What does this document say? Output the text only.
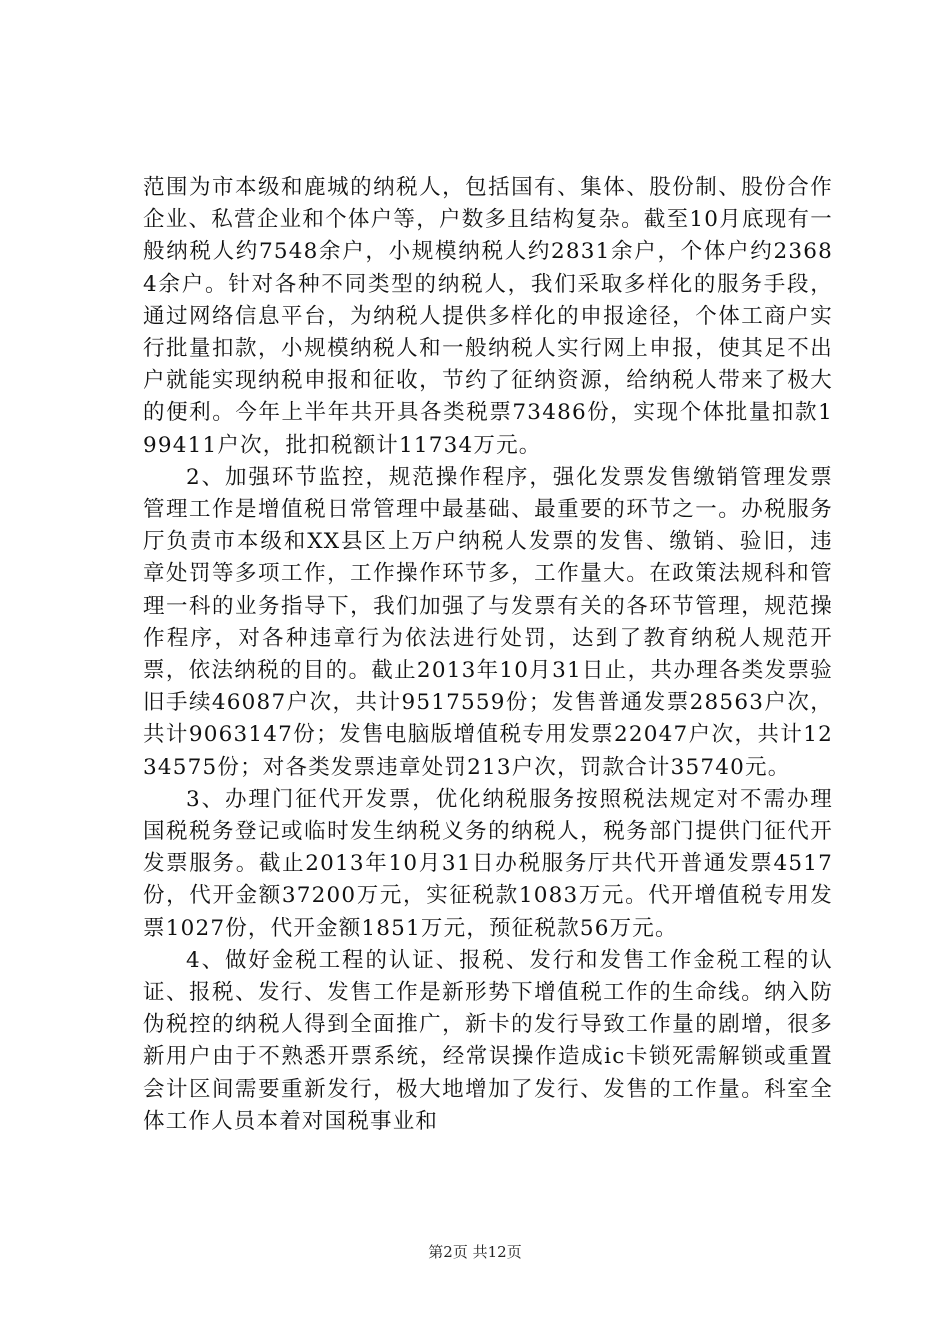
范围为市本级和鹿城的纳税人，包括国有、集体、股份制、股份合作企业、私营企业和个体户等，户数多且结构复杂。截至10月底现有一般纳税人约7548余户，小规模纳税人约2831余户，个体户约23684余户。针对各种不同类型的纳税人，我们采取多样化的服务手段，通过网络信息平台，为纳税人提供多样化的申报途径，个体工商户实行批量扣款，小规模纳税人和一般纳税人实行网上申报，使其足不出户就能实现纳税申报和征收，节约了征纳资源，给纳税人带来了极大的便利。今年上半年共开具各类税票73486份，实现个体批量扣款199411户次，批扣税额计11734万元。

2、加强环节监控，规范操作程序，强化发票发售缴销管理发票管理工作是增值税日常管理中最基础、最重要的环节之一。办税服务厅负责市本级和XX县区上万户纳税人发票的发售、缴销、验旧，违章处罚等多项工作，工作操作环节多，工作量大。在政策法规科和管理一科的业务指导下，我们加强了与发票有关的各环节管理，规范操作程序，对各种违章行为依法进行处罚，达到了教育纳税人规范开票，依法纳税的目的。截止2013年10月31日止，共办理各类发票验旧手续46087户次，共计9517559份；发售普通发票28563户次，共计9063147份；发售电脑版增值税专用发票22047户次，共计1234575份；对各类发票违章处罚213户次，罚款合计35740元。

3、办理门征代开发票，优化纳税服务按照税法规定对不需办理国税税务登记或临时发生纳税义务的纳税人，税务部门提供门征代开发票服务。截止2013年10月31日办税服务厅共代开普通发票4517份，代开金额37200万元，实征税款1083万元。代开增值税专用发票1027份，代开金额1851万元，预征税款56万元。

4、做好金税工程的认证、报税、发行和发售工作金税工程的认证、报税、发行、发售工作是新形势下增值税工作的生命线。纳入防伪税控的纳税人得到全面推广，新卡的发行导致工作量的剧增，很多新用户由于不熟悉开票系统，经常误操作造成ic卡锁死需解锁或重置会计区间需要重新发行，极大地增加了发行、发售的工作量。科室全体工作人员本着对国税事业和

第2页 共12页
